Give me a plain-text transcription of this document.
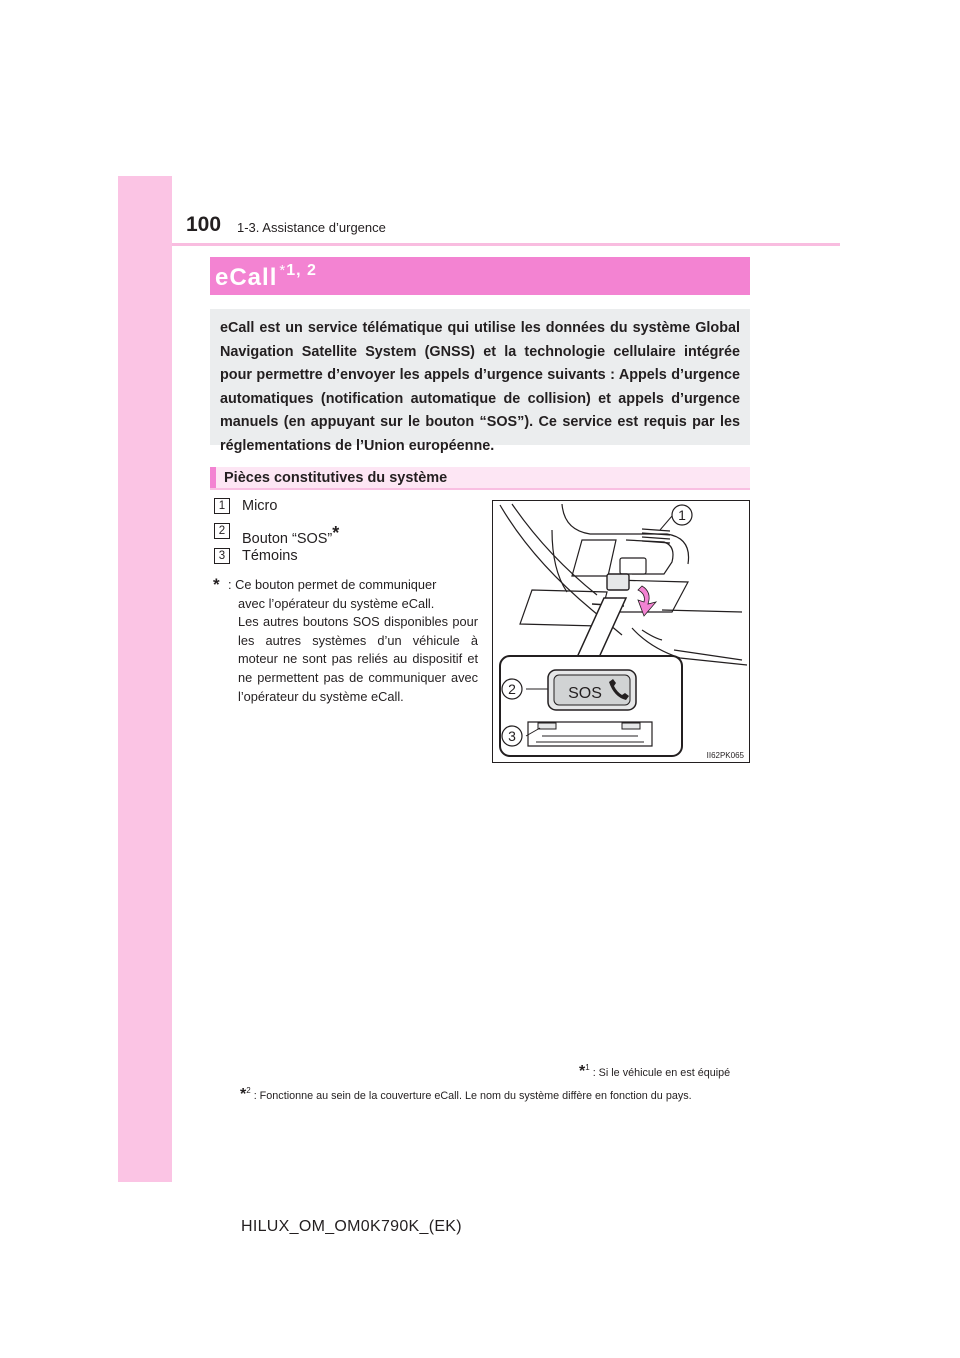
100 1-3. Assistance d’urgence
eCall $^{*1, 2}$

eCall est un service télématique qui utilise les données du système Global Navigation Satellite System (GNSS) et la technologie cellulaire intégrée pour permettre d’envoyer les appels d’urgence suivants : Appels d’urgence automatiques (notification automatique de collision) et appels d’urgence manuels (en appuyant sur le bouton “SOS”). Ce service est requis par les réglementations de l’Union européenne.

Pièces constitutives du système
1	Micro
2	Bouton “SOS”*
3	Témoins
* : Ce bouton permet de communiquer
avec l’opérateur du système eCall.
Les autres boutons SOS disponibles pour les autres systèmes d’un véhicule à moteur ne sont pas reliés au dispositif et ne permettent pas de communiquer avec l’opérateur du système eCall.

1
SOS
2
3
II62PK065
*$^1$ : Si le véhicule en est équipé
*$^2$ : Fonctionne au sein de la couverture eCall. Le nom du système diffère en fonction du pays.
HILUX_OM_OM0K790K_(EK)
